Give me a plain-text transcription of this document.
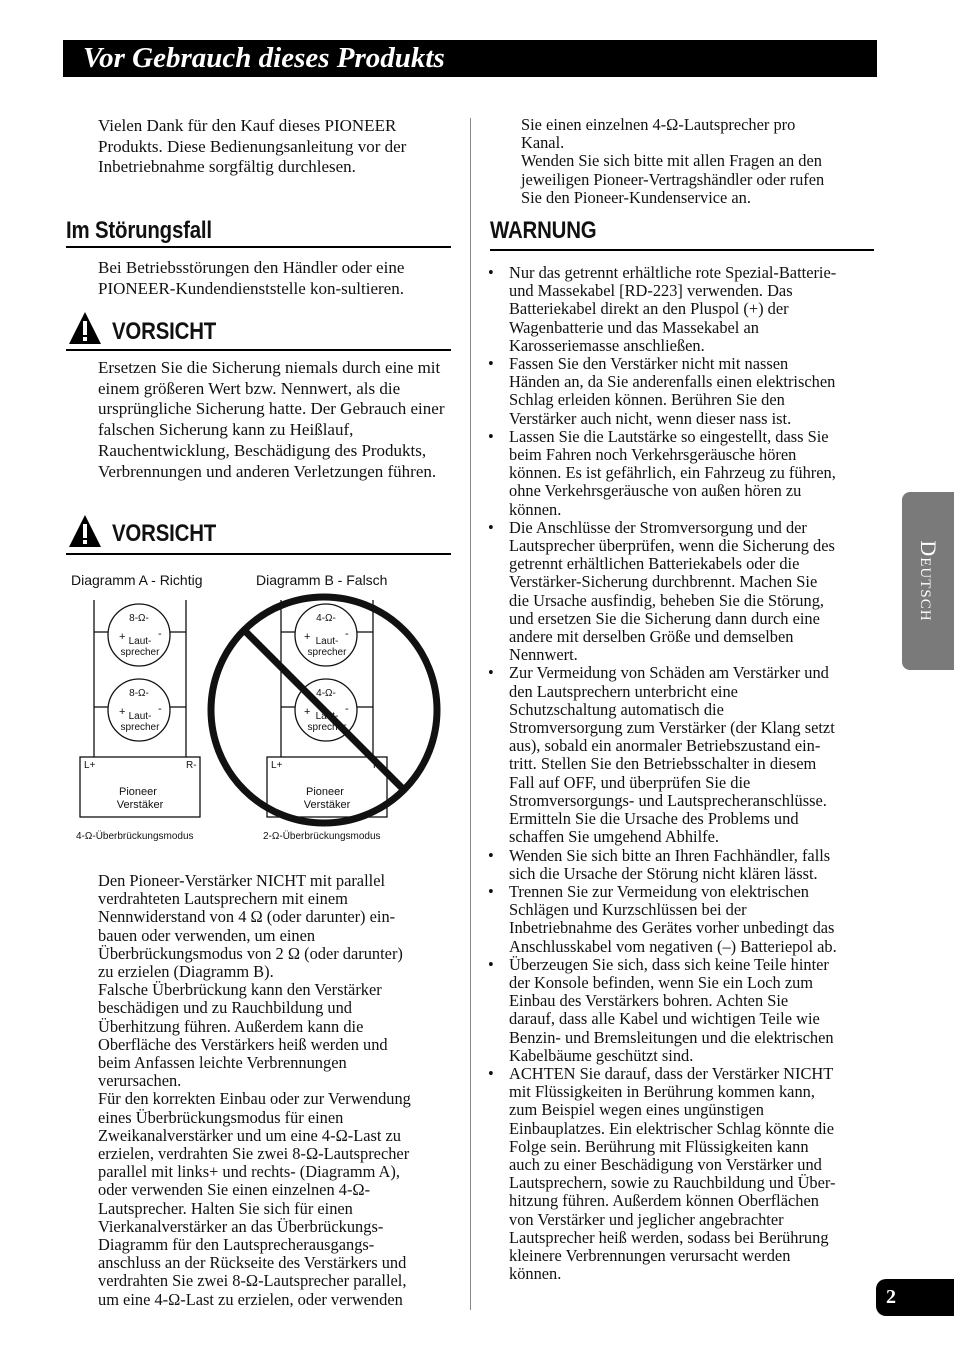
Vor Gebrauch dieses Produkts

Vielen Dank für den Kauf dieses PIONEER Produkts. Diese Bedienungsanleitung vor der Inbetriebnahme sorgfältig durchlesen.

Im Störungsfall

Bei Betriebsstörungen den Händler oder eine PIONEER-Kundendienststelle kon-sultieren.

VORSICHT

Ersetzen Sie die Sicherung niemals durch eine mit einem größeren Wert bzw. Nennwert, als die ursprüngliche Sicherung hatte. Der Gebrauch einer falschen Sicherung kann zu Heißlauf, Rauchentwicklung, Beschädigung des Produkts, Verbrennungen und anderen Verletzungen führen.

VORSICHT
Diagramm A - Richtig	Diagramm B - Falsch
8-Ω-
+	-
Laut-
sprecher
8-Ω-
+	-
Laut-
sprecher
L+	R-
Pioneer
Verstäker
4-Ω-Überbrückungsmodus
4-Ω-
+	-
Laut-
sprecher
4-Ω-
+	-
Laut-
sprecher
L+	R-
Pioneer
Verstäker
2-Ω-Überbrückungsmodus
Den Pioneer-Verstärker NICHT mit parallel
verdrahteten Lautsprechern mit einem
Nennwiderstand von 4 Ω (oder darunter) ein-
bauen oder verwenden, um einen
Überbrückungsmodus von 2 Ω (oder darunter)
zu erzielen (Diagramm B).
Falsche Überbrückung kann den Verstärker
beschädigen und zu Rauchbildung und
Überhitzung führen. Außerdem kann die
Oberfläche des Verstärkers heiß werden und
beim Anfassen leichte Verbrennungen
verursachen.
Für den korrekten Einbau oder zur Verwendung
eines Überbrückungsmodus für einen
Zweikanalverstärker und um eine 4-Ω-Last zu
erzielen, verdrahten Sie zwei 8-Ω-Lautsprecher
parallel mit links+ und rechts- (Diagramm A),
oder verwenden Sie einen einzelnen 4-Ω-
Lautsprecher. Halten Sie sich für einen
Vierkanalverstärker an das Überbrückungs-
Diagramm für den Lautsprecherausgangs-
anschluss an der Rückseite des Verstärkers und
verdrahten Sie zwei 8-Ω-Lautsprecher parallel,
um eine 4-Ω-Last zu erzielen, oder verwenden
Sie einen einzelnen 4-Ω-Lautsprecher pro
Kanal.
Wenden Sie sich bitte mit allen Fragen an den
jeweiligen Pioneer-Vertragshändler oder rufen
Sie den Pioneer-Kundenservice an.
WARNUNG
• Nur das getrennt erhältliche rote Spezial-Batterie-
und Massekabel [RD-223] verwenden. Das
Batteriekabel direkt an den Pluspol (+) der
Wagenbatterie und das Massekabel an
Karosseriemasse anschließen.
• Fassen Sie den Verstärker nicht mit nassen
Händen an, da Sie anderenfalls einen elektrischen
Schlag erleiden können. Berühren Sie den
Verstärker auch nicht, wenn dieser nass ist.
• Lassen Sie die Lautstärke so eingestellt, dass Sie
beim Fahren noch Verkehrsgeräusche hören
können. Es ist gefährlich, ein Fahrzeug zu führen,
ohne Verkehrsgeräusche von außen hören zu
können.
• Die Anschlüsse der Stromversorgung und der
Lautsprecher überprüfen, wenn die Sicherung des
getrennt erhältlichen Batteriekabels oder die
Verstärker-Sicherung durchbrennt. Machen Sie
die Ursache ausfindig, beheben Sie die Störung,
und ersetzen Sie die Sicherung dann durch eine
andere mit derselben Größe und demselben
Nennwert.
• Zur Vermeidung von Schäden am Verstärker und
den Lautsprechern unterbricht eine
Schutzschaltung automatisch die
Stromversorgung zum Verstärker (der Klang setzt
aus), sobald ein anormaler Betriebszustand ein-
tritt. Stellen Sie den Betriebsschalter in diesem
Fall auf OFF, und überprüfen Sie die
Stromversorgungs- und Lautsprecheranschlüsse.
Ermitteln Sie die Ursache des Problems und
schaffen Sie umgehend Abhilfe.
• Wenden Sie sich bitte an Ihren Fachhändler, falls
sich die Ursache der Störung nicht klären lässt.
• Trennen Sie zur Vermeidung von elektrischen
Schlägen und Kurzschlüssen bei der
Inbetriebnahme des Gerätes vorher unbedingt das
Anschlusskabel vom negativen (–) Batteriepol ab.
• Überzeugen Sie sich, dass sich keine Teile hinter
der Konsole befinden, wenn Sie ein Loch zum
Einbau des Verstärkers bohren. Achten Sie
darauf, dass alle Kabel und wichtigen Teile wie
Benzin- und Bremsleitungen und die elektrischen
Kabelbäume geschützt sind.
• ACHTEN Sie darauf, dass der Verstärker NICHT
mit Flüssigkeiten in Berührung kommen kann,
zum Beispiel wegen eines ungünstigen
Einbauplatzes. Ein elektrischer Schlag könnte die
Folge sein. Berührung mit Flüssigkeiten kann
auch zu einer Beschädigung von Verstärker und
Lautsprechern, sowie zu Rauchbildung und Über-
hitzung führen. Außerdem können Oberflächen
von Verstärker und jeglicher angebrachter
Lautsprecher heiß werden, sodass bei Berührung
kleinere Verbrennungen verursacht werden
können.
Deutsch
2
